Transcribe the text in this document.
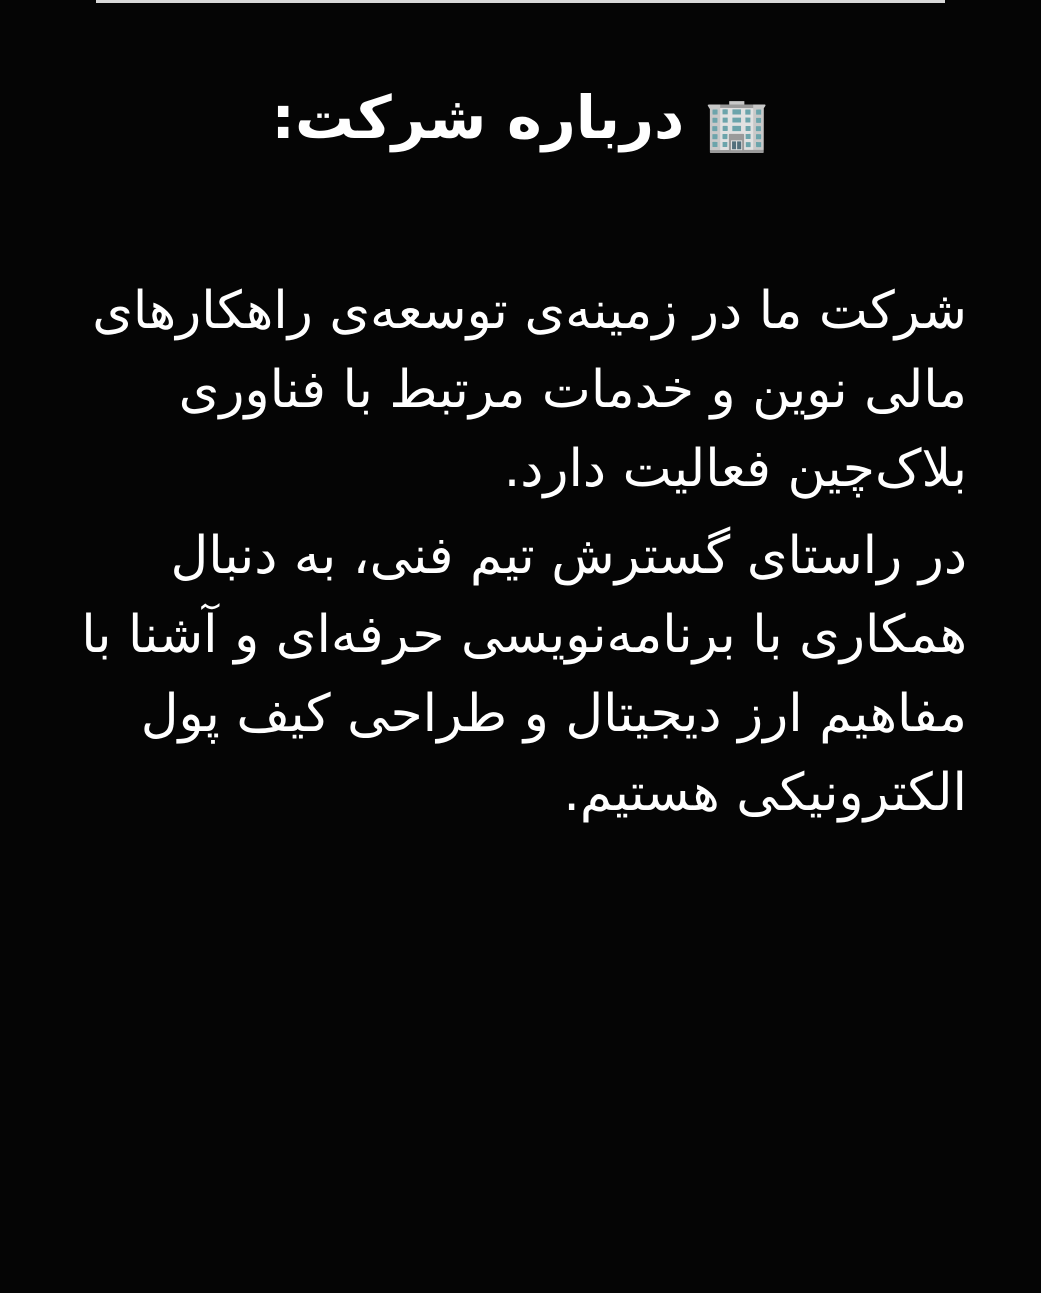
🏢 درباره شرکت:

شرکت ما در زمینه‌ی توسعه‌ی راهکارهای مالی نوین و خدمات مرتبط با فناوری بلاک‌چین فعالیت دارد.

در راستای گسترش تیم فنی، به دنبال همکاری با برنامه‌نویسی حرفه‌ای و آشنا با مفاهیم ارز دیجیتال و طراحی کیف پول الکترونیکی هستیم.
